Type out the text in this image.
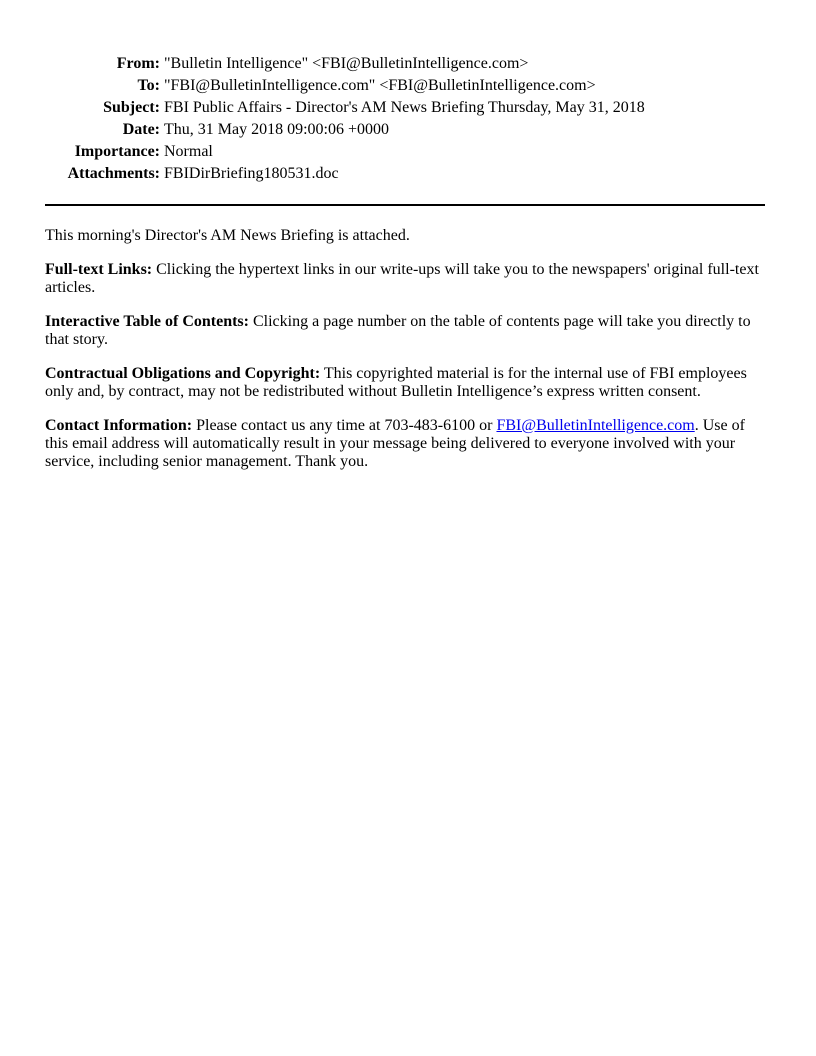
From:	"Bulletin Intelligence" <FBI@BulletinIntelligence.com>
To:	"FBI@BulletinIntelligence.com" <FBI@BulletinIntelligence.com>
Subject:	FBI Public Affairs - Director's AM News Briefing Thursday, May 31, 2018
Date:	Thu, 31 May 2018 09:00:06 +0000
Importance:	Normal
Attachments:	FBIDirBriefing180531.doc

This morning's Director's AM News Briefing is attached.

Full-text Links: Clicking the hypertext links in our write-ups will take you to the newspapers' original full-text articles.

Interactive Table of Contents: Clicking a page number on the table of contents page will take you directly to that story.

Contractual Obligations and Copyright: This copyrighted material is for the internal use of FBI employees only and, by contract, may not be redistributed without Bulletin Intelligence’s express written consent.

Contact Information: Please contact us any time at 703-483-6100 or FBI@BulletinIntelligence.com. Use of this email address will automatically result in your message being delivered to everyone involved with your service, including senior management. Thank you.
